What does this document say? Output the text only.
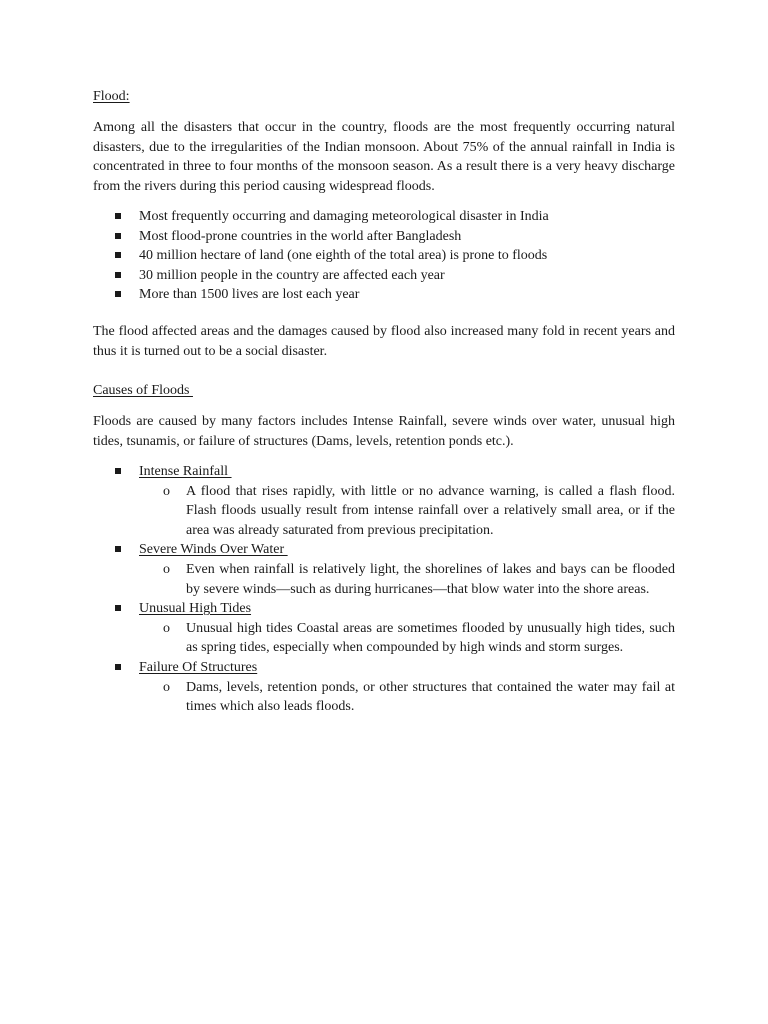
Flood:
Among all the disasters that occur in the country, floods are the most frequently occurring natural disasters, due to the irregularities of the Indian monsoon. About 75% of the annual rainfall in India is concentrated in three to four months of the monsoon season. As a result there is a very heavy discharge from the rivers during this period causing widespread floods.
Most frequently occurring and damaging meteorological disaster in India
Most flood-prone countries in the world after Bangladesh
40 million hectare of land (one eighth of the total area) is prone to floods
30 million people in the country are affected each year
More than 1500 lives are lost each year
The flood affected areas and the damages caused by flood also increased many fold in recent years and thus it is turned out to be a social disaster.
Causes of Floods
Floods are caused by many factors includes Intense Rainfall, severe winds over water, unusual high tides, tsunamis, or failure of structures (Dams, levels, retention ponds etc.).
Intense Rainfall
o A flood that rises rapidly, with little or no advance warning, is called a flash flood. Flash floods usually result from intense rainfall over a relatively small area, or if the area was already saturated from previous precipitation.
Severe Winds Over Water
o Even when rainfall is relatively light, the shorelines of lakes and bays can be flooded by severe winds—such as during hurricanes—that blow water into the shore areas.
Unusual High Tides
o Unusual high tides Coastal areas are sometimes flooded by unusually high tides, such as spring tides, especially when compounded by high winds and storm surges.
Failure Of Structures
o Dams, levels, retention ponds, or other structures that contained the water may fail at times which also leads floods.
